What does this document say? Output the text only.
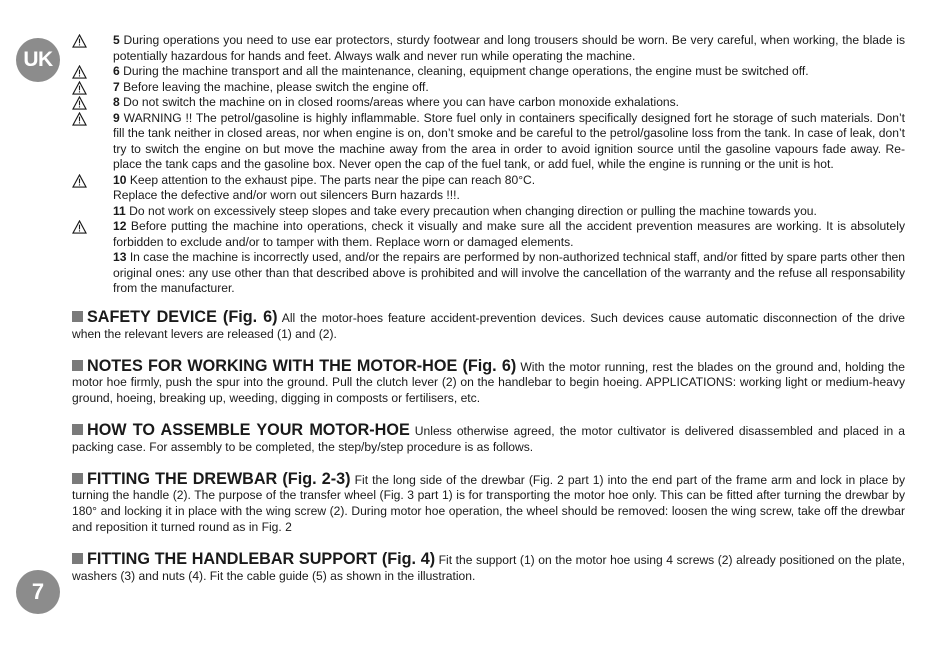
UK
7
5 During operations you need to use ear protectors, sturdy footwear and long trousers should be worn. Be very careful, when working, the blade is potentially hazardous for hands and feet. Always walk and never run while operating the machine.
6 During the machine transport and all the maintenance, cleaning, equipment change operations, the engine must be switched off.
7 Before leaving the machine, please switch the engine off.
8 Do not switch the machine on in closed rooms/areas where you can have carbon monoxide exhalations.
9 WARNING !! The petrol/gasoline is highly inflammable. Store fuel only in containers specifically designed fort he storage of such materials. Don’t fill the tank neither in closed areas, nor when engine is on, don’t smoke and be careful to the petrol/gasoline loss from the tank. In case of leak, don’t try to switch the engine on but move the machine away from the area in order to avoid ignition source until the gasoline vapours fade away. Re-place the tank caps and the gasoline box. Never open the cap of the fuel tank, or add fuel, while the engine is running or the unit is hot.
10 Keep attention to the exhaust pipe. The parts near the pipe can reach 80°C.
Replace the defective and/or worn out silencers Burn hazards !!!.
11 Do not work on excessively steep slopes and take every precaution when changing direction or pulling the machine towards you.
12 Before putting the machine into operations, check it visually and make sure all the accident prevention measures are working. It is absolutely forbidden to exclude and/or to tamper with them. Replace worn or damaged elements.
13 In case the machine is incorrectly used, and/or the repairs are performed by non-authorized technical staff, and/or fitted by spare parts other then original ones: any use other than that described above is prohibited and will involve the cancellation of the warranty and the refuse all responsability from the manufacturer.
SAFETY DEVICE (Fig. 6) All the motor-hoes feature accident-prevention devices. Such devices cause automatic disconnection of the drive when the relevant levers are released (1) and (2).
NOTES FOR WORKING WITH THE MOTOR-HOE (Fig. 6) With the motor running, rest the blades on the ground and, holding the motor hoe firmly, push the spur into the ground. Pull the clutch lever (2) on the handlebar to begin hoeing. APPLICATIONS: working light or medium-heavy ground, hoeing, breaking up, weeding, digging in composts or fertilisers, etc.
HOW TO ASSEMBLE YOUR MOTOR-HOE Unless otherwise agreed, the motor cultivator is delivered disassembled and placed in a packing case. For assembly to be completed, the step/by/step procedure is as follows.
FITTING THE DREWBAR (Fig. 2-3) Fit the long side of the drewbar (Fig. 2 part 1) into the end part of the frame arm and lock in place by turning the handle (2). The purpose of the transfer wheel (Fig. 3 part 1) is for transporting the motor hoe only. This can be fitted after turning the drewbar by 180° and locking it in place with the wing screw (2). During motor hoe operation, the wheel should be removed: loosen the wing screw, take off the drewbar and reposition it turned round as in Fig. 2
FITTING THE HANDLEBAR SUPPORT (Fig. 4) Fit the support (1) on the motor hoe using 4 screws (2) already positioned on the plate, washers (3) and nuts (4). Fit the cable guide (5) as shown in the illustration.
